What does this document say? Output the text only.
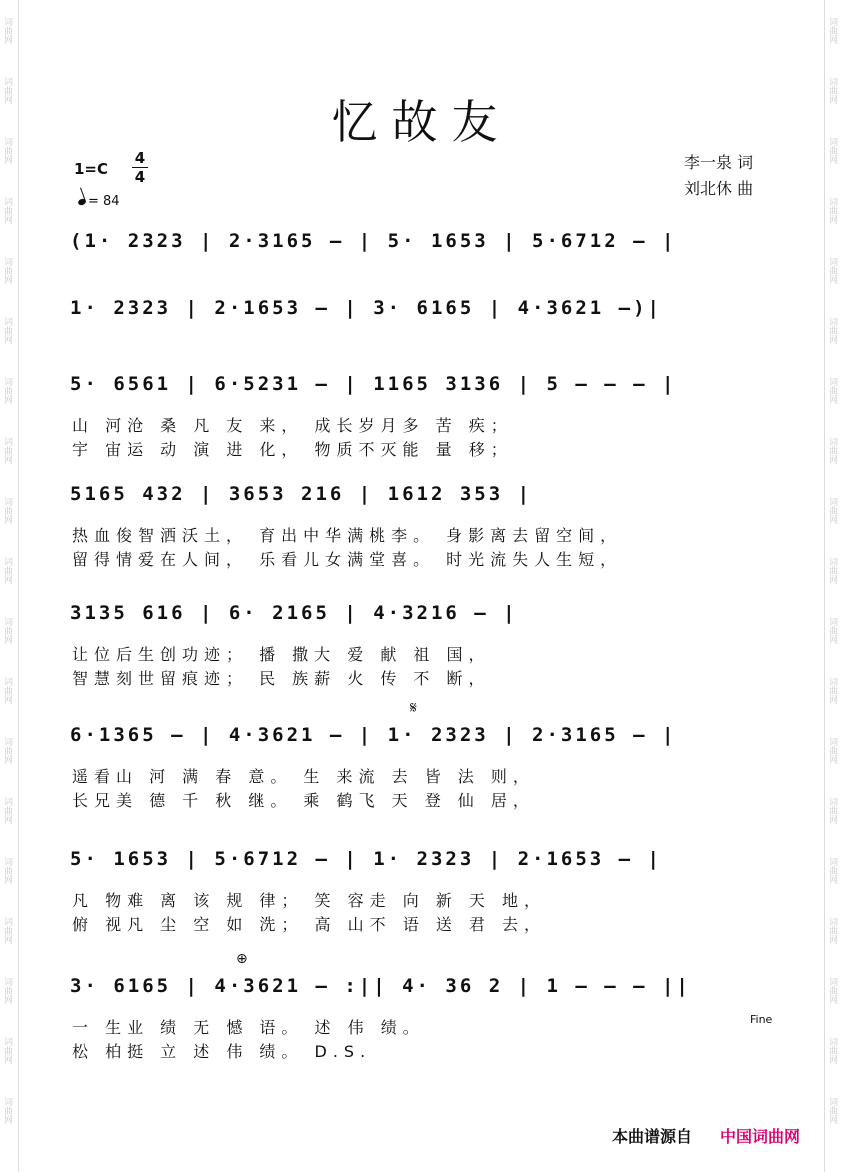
词曲网
词曲网
词曲网
词曲网
词曲网
词曲网
词曲网
词曲网
词曲网
词曲网
词曲网
词曲网
词曲网
词曲网
词曲网
词曲网
词曲网
词曲网
词曲网
词曲网
词曲网
词曲网
词曲网
词曲网
词曲网
词曲网
词曲网
词曲网
词曲网
词曲网
词曲网
词曲网
词曲网
词曲网
词曲网
词曲网
词曲网
词曲网
忆故友
1=C
4
4
= 84
李一泉 词
刘北休 曲
(1· 2323 | 2·3165 – | 5· 1653 | 5·6712 – |
1· 2323 | 2·1653 – | 3· 6165 | 4·3621 –)|
5· 6561 | 6·5231 – | 1165 3136 | 5 – – – |
山 河沧 桑 凡 友 来， 成长岁月多 苦 疾；
宇 宙运 动 演 进 化， 物质不灭能 量 移；
5165 432 | 3653 216 | 1612 353 |
热血俊智洒沃土， 育出中华满桃李。 身影离去留空间，
留得情爱在人间， 乐看儿女满堂喜。 时光流失人生短，
3135 616 | 6· 2165 | 4·3216 – |
让位后生创功迹； 播 撒大 爱 献 祖 国，
智慧刻世留痕迹； 民 族薪 火 传 不 断，
𝄋
6·1365 – | 4·3621 – | 1· 2323 | 2·3165 – |
遥看山 河 满 春 意。 生 来流 去 皆 法 则，
长兄美 德 千 秋 继。 乘 鹤飞 天 登 仙 居，
5· 1653 | 5·6712 – | 1· 2323 | 2·1653 – |
凡 物难 离 该 规 律； 笑 容走 向 新 天 地，
俯 视凡 尘 空 如 洗； 高 山不 语 送 君 去，
⊕
3· 6165 | 4·3621 – :|| 4· 36 2 | 1 – – – ||
一 生业 绩 无 憾 语。 述 伟 绩。
松 柏挺 立 述 伟 绩。 D.S.
Fine
本曲谱源自 中国词曲网
